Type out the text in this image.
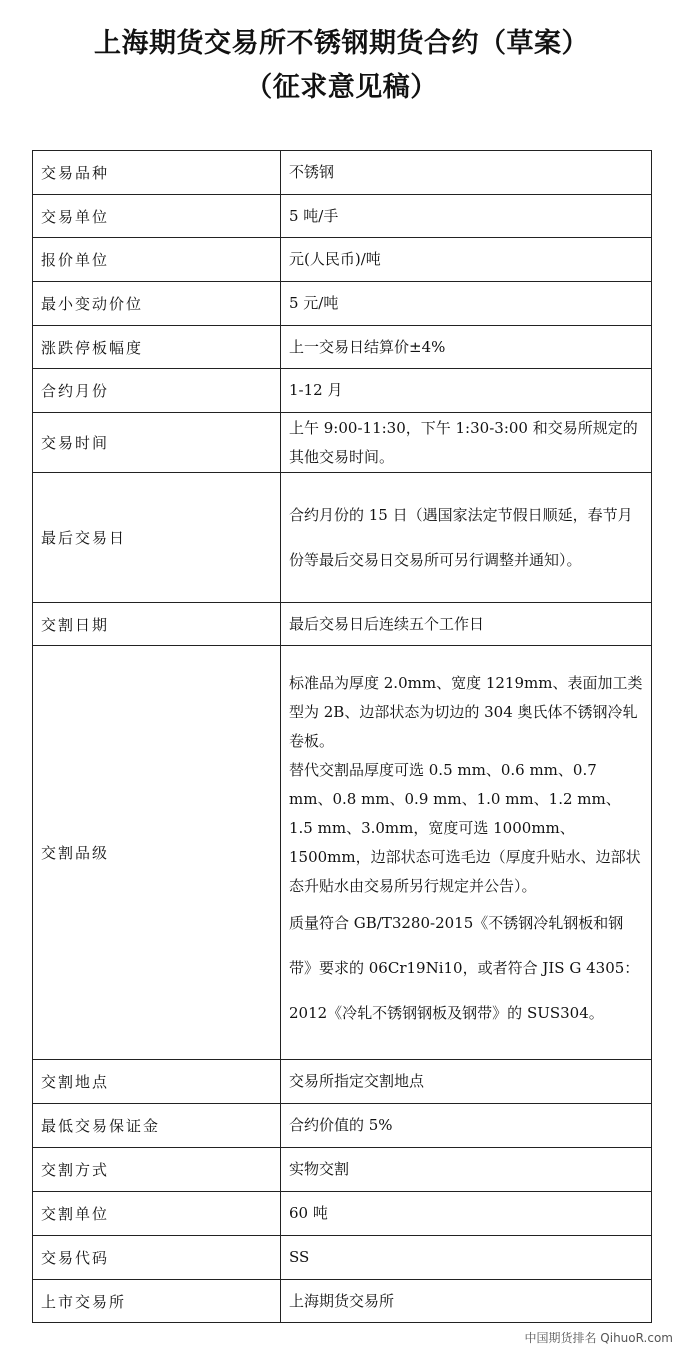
上海期货交易所不锈钢期货合约（草案）
（征求意见稿）
交易品种	不锈钢
交易单位	5 吨/手
报价单位	元(人民币)/吨
最小变动价位	5 元/吨
涨跌停板幅度	上一交易日结算价±4%
合约月份	1-12 月
交易时间	上午 9:00-11:30，下午 1:30-3:00 和交易所规定的其他交易时间。
最后交易日	合约月份的 15 日（遇国家法定节假日顺延，春节月份等最后交易日交易所可另行调整并通知）。

交割日期	最后交易日后连续五个工作日
交割品级	标准品为厚度 2.0mm、宽度 1219mm、表面加工类型为 2B、边部状态为切边的 304 奥氏体不锈钢冷轧卷板。
替代交割品厚度可选 0.5 mm、0.6 mm、0.7 mm、0.8 mm、0.9 mm、1.0 mm、1.2 mm、1.5 mm、3.0mm，宽度可选 1000mm、1500mm，边部状态可选毛边（厚度升贴水、边部状态升贴水由交易所另行规定并公告）。
质量符合 GB/T3280-2015《不锈钢冷轧钢板和钢带》要求的 06Cr19Ni10，或者符合 JIS G 4305：2012《冷轧不锈钢钢板及钢带》的 SUS304。

交割地点	交易所指定交割地点
最低交易保证金	合约价值的 5%
交割方式	实物交割
交割单位	60 吨
交易代码	SS
上市交易所	上海期货交易所
中国期货排名 QihuoR.com
